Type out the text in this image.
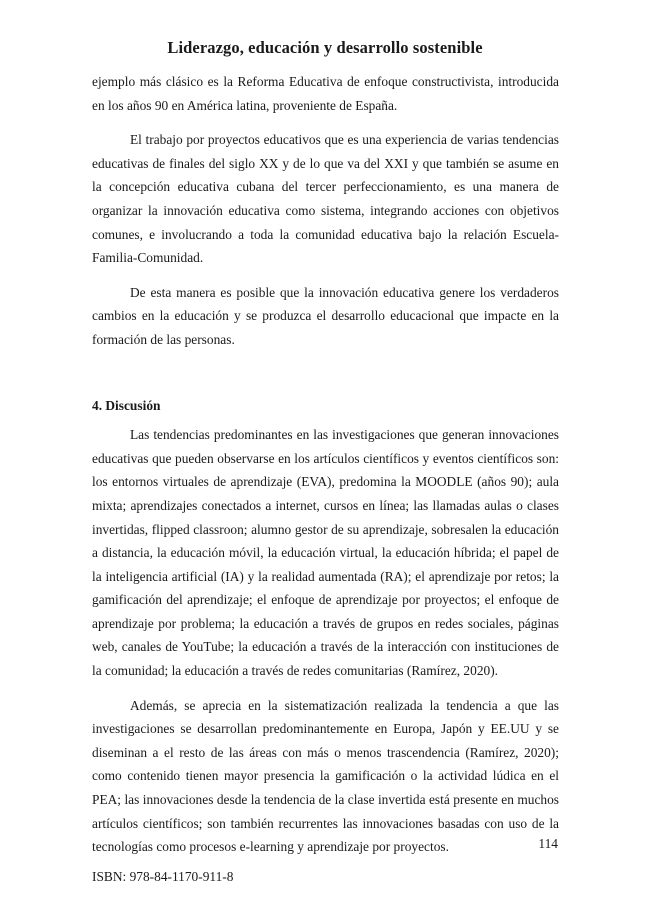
Liderazgo, educación y desarrollo sostenible

ejemplo más clásico es la Reforma Educativa de enfoque constructivista, introducida en los años 90 en América latina, proveniente de España.

El trabajo por proyectos educativos que es una experiencia de varias tendencias educativas de finales del siglo XX y de lo que va del XXI y que también se asume en la concepción educativa cubana del tercer perfeccionamiento, es una manera de organizar la innovación educativa como sistema, integrando acciones con objetivos comunes, e involucrando a toda la comunidad educativa bajo la relación Escuela-Familia-Comunidad.

De esta manera es posible que la innovación educativa genere los verdaderos cambios en la educación y se produzca el desarrollo educacional que impacte en la formación de las personas.

4. Discusión

Las tendencias predominantes en las investigaciones que generan innovaciones educativas que pueden observarse en los artículos científicos y eventos científicos son: los entornos virtuales de aprendizaje (EVA), predomina la MOODLE (años 90); aula mixta; aprendizajes conectados a internet, cursos en línea; las llamadas aulas o clases invertidas, flipped classroon; alumno gestor de su aprendizaje, sobresalen la educación a distancia, la educación móvil, la educación virtual, la educación híbrida; el papel de la inteligencia artificial (IA) y la realidad aumentada (RA); el aprendizaje por retos; la gamificación del aprendizaje; el enfoque de aprendizaje por proyectos; el enfoque de aprendizaje por problema; la educación a través de grupos en redes sociales, páginas web, canales de YouTube; la educación a través de la interacción con instituciones de la comunidad; la educación a través de redes comunitarias (Ramírez, 2020).

Además, se aprecia en la sistematización realizada la tendencia a que las investigaciones se desarrollan predominantemente en Europa, Japón y EE.UU y se diseminan a el resto de las áreas con más o menos trascendencia (Ramírez, 2020); como contenido tienen mayor presencia la gamificación o la actividad lúdica en el PEA; las innovaciones desde la tendencia de la clase invertida está presente en muchos artículos científicos; son también recurrentes las innovaciones basadas con uso de la tecnologías como procesos e-learning y aprendizaje por proyectos.	114
ISBN: 978-84-1170-911-8
